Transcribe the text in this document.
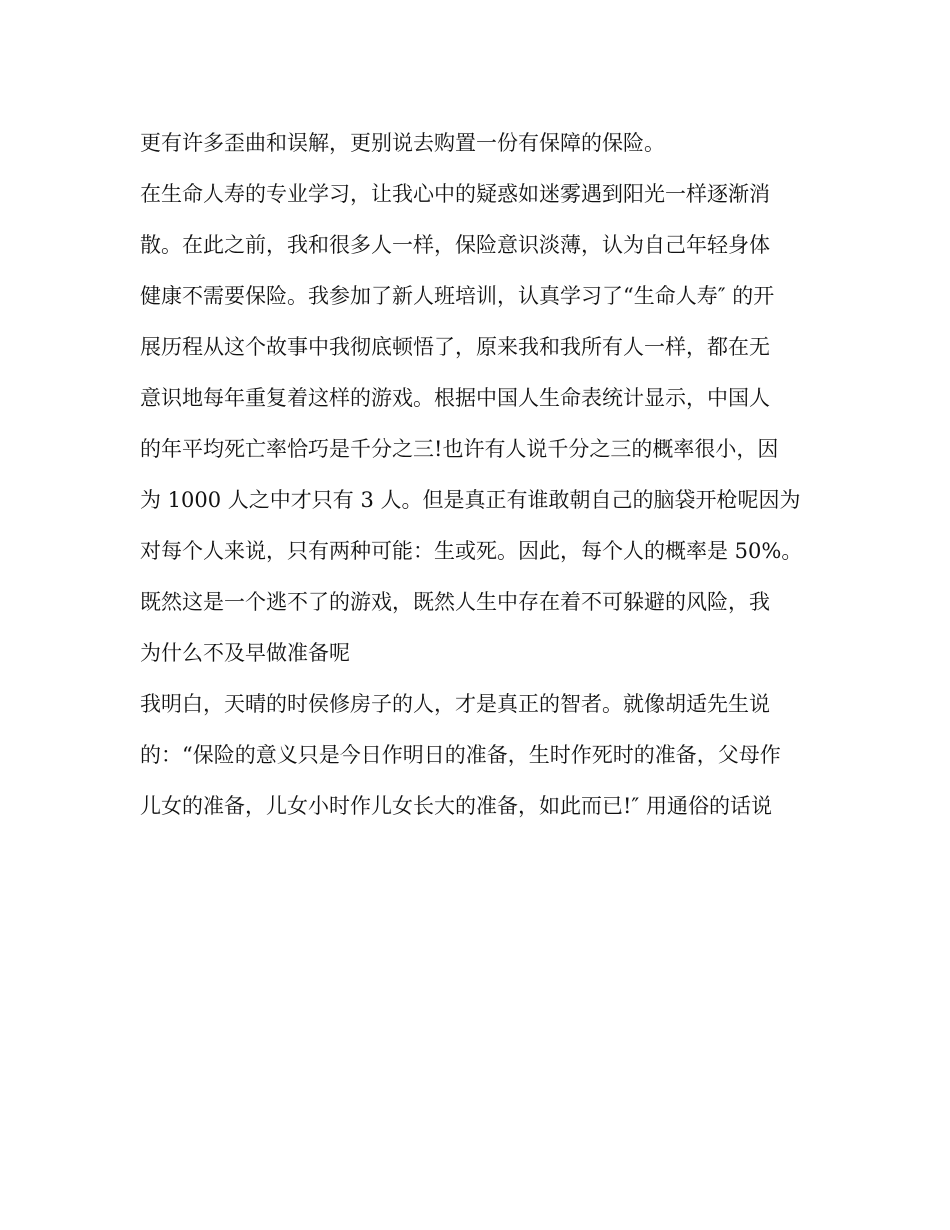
更有许多歪曲和误解，更别说去购置一份有保障的保险。
在生命人寿的专业学习，让我心中的疑惑如迷雾遇到阳光一样逐渐消
散。在此之前，我和很多人一样，保险意识淡薄，认为自己年轻身体
健康不需要保险。我参加了新人班培训，认真学习了“生命人寿″ 的开
展历程从这个故事中我彻底顿悟了，原来我和我所有人一样，都在无
意识地每年重复着这样的游戏。根据中国人生命表统计显示，中国人
的年平均死亡率恰巧是千分之三!也许有人说千分之三的概率很小，因
为 1000 人之中才只有 3 人。但是真正有谁敢朝自己的脑袋开枪呢因为
对每个人来说，只有两种可能：生或死。因此，每个人的概率是 50%。
既然这是一个逃不了的游戏，既然人生中存在着不可躲避的风险，我
为什么不及早做准备呢
我明白，天晴的时侯修房子的人，才是真正的智者。就像胡适先生说
的：“保险的意义只是今日作明日的准备，生时作死时的准备，父母作
儿女的准备，儿女小时作儿女长大的准备，如此而已!″ 用通俗的话说
